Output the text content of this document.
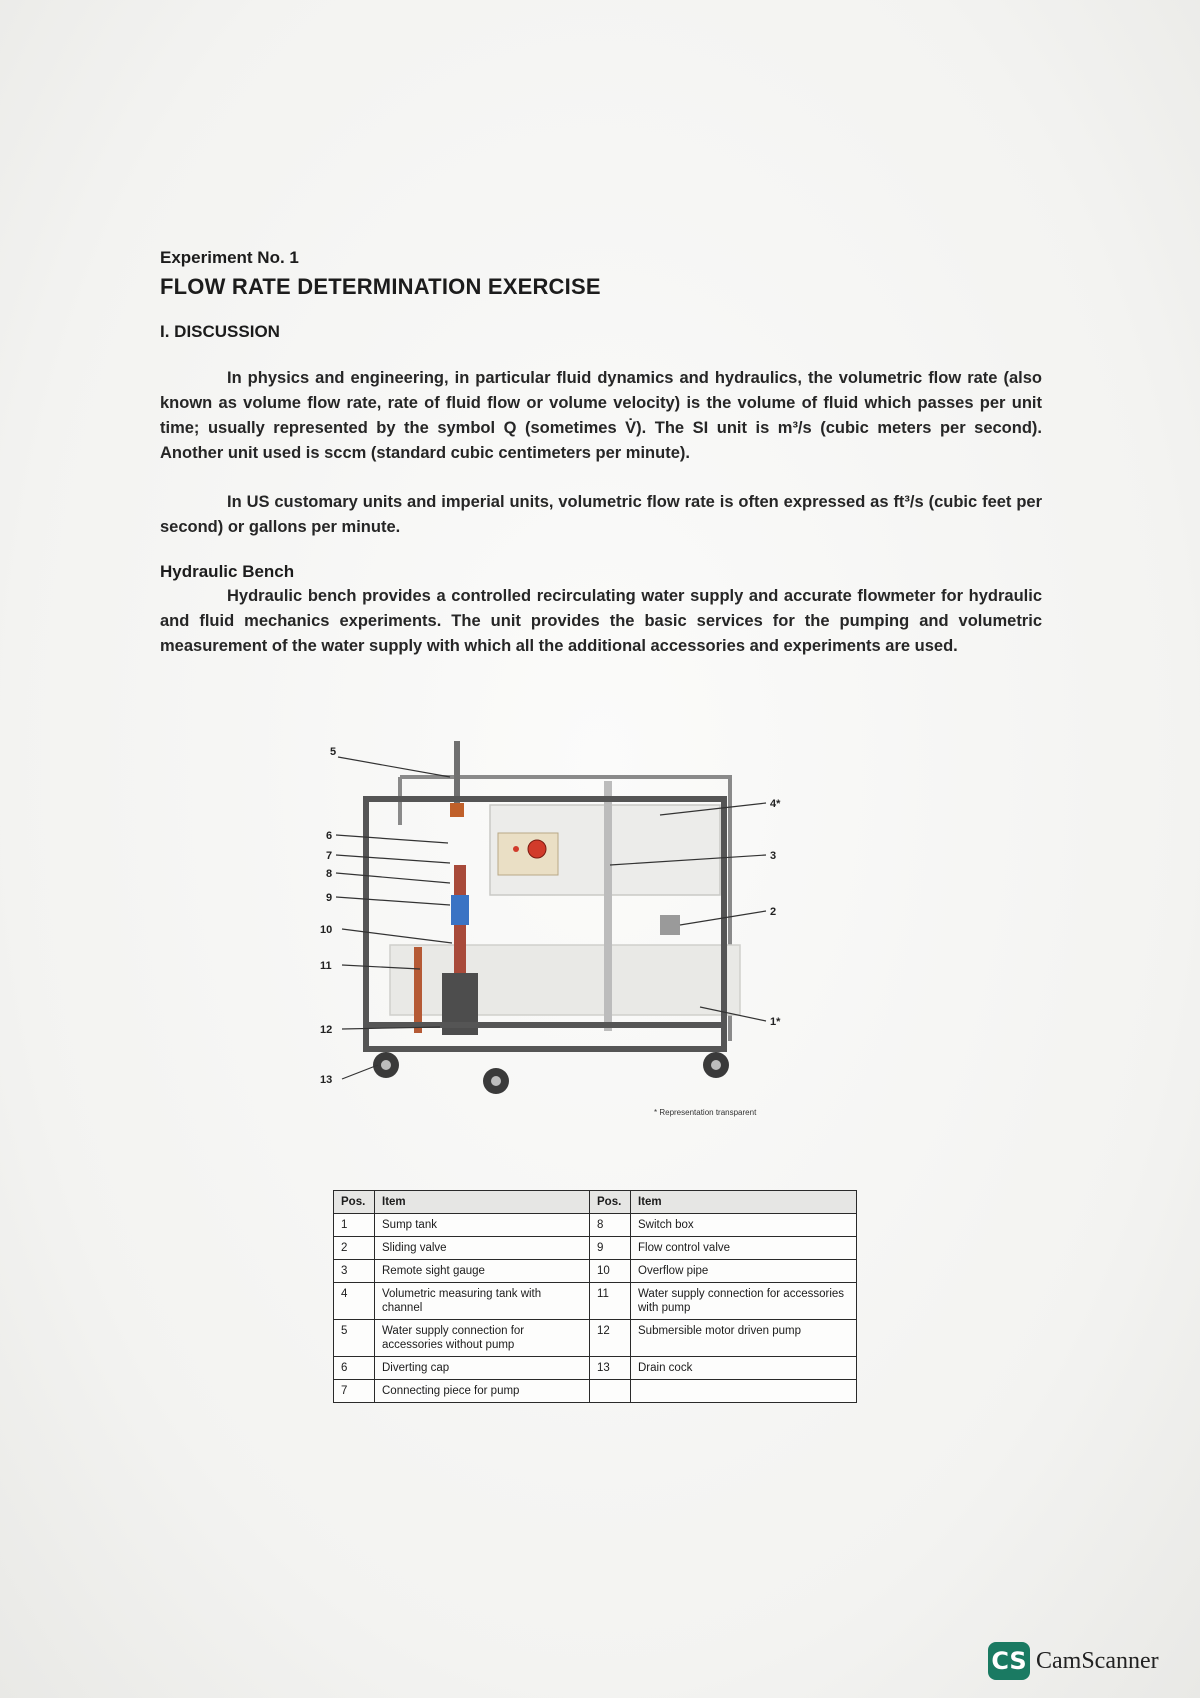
Experiment No. 1

FLOW RATE DETERMINATION EXERCISE
I. DISCUSSION

In physics and engineering, in particular fluid dynamics and hydraulics, the volumetric flow rate (also known as volume flow rate, rate of fluid flow or volume velocity) is the volume of fluid which passes per unit time; usually represented by the symbol Q (sometimes V̇). The SI unit is m³/s (cubic meters per second). Another unit used is sccm (standard cubic centimeters per minute).

In US customary units and imperial units, volumetric flow rate is often expressed as ft³/s (cubic feet per second) or gallons per minute.

Hydraulic Bench

Hydraulic bench provides a controlled recirculating water supply and accurate flowmeter for hydraulic and fluid mechanics experiments. The unit provides the basic services for the pumping and volumetric measurement of the water supply with which all the additional accessories and experiments are used.

5
6
7
8
9
10
11
12
13
4*
3
2
1*
* Representation transparent
Pos.	Item	Pos.	Item
1	Sump tank	8	Switch box
2	Sliding valve	9	Flow control valve
3	Remote sight gauge	10	Overflow pipe
4	Volumetric measuring tank with channel	11	Water supply connection for accessories with pump
5	Water supply connection for accessories without pump	12	Submersible motor driven pump
6	Diverting cap	13	Drain cock
7	Connecting piece for pump		
CS CamScanner
